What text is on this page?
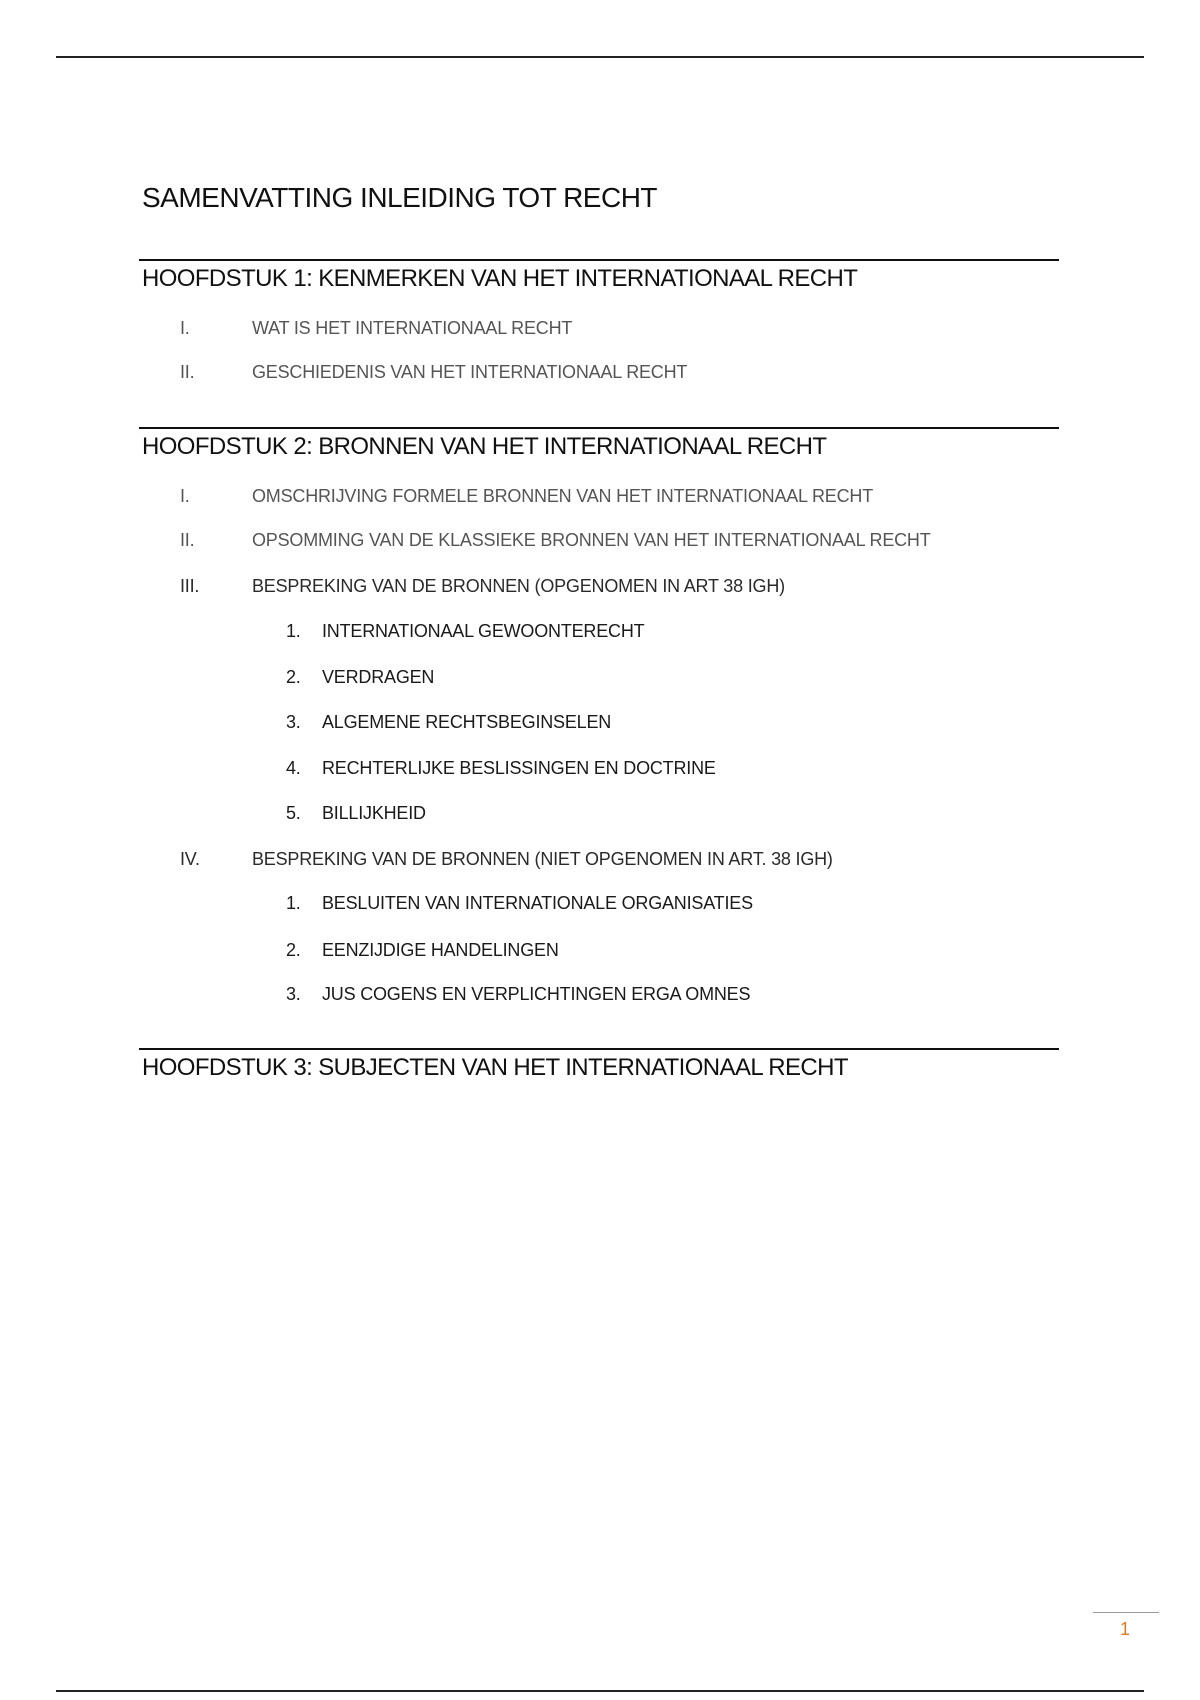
SAMENVATTING INLEIDING TOT RECHT
HOOFDSTUK 1: KENMERKEN VAN HET INTERNATIONAAL RECHT
I.	WAT IS HET INTERNATIONAAL RECHT
II.	GESCHIEDENIS VAN HET INTERNATIONAAL RECHT
HOOFDSTUK 2: BRONNEN VAN HET INTERNATIONAAL RECHT
I.	OMSCHRIJVING FORMELE BRONNEN VAN HET INTERNATIONAAL RECHT
II.	OPSOMMING VAN DE KLASSIEKE BRONNEN VAN HET INTERNATIONAAL RECHT
III.	BESPREKING VAN DE BRONNEN (OPGENOMEN IN ART 38 IGH)
1. INTERNATIONAAL GEWOONTERECHT
2. VERDRAGEN
3. ALGEMENE RECHTSBEGINSELEN
4. RECHTERLIJKE BESLISSINGEN EN DOCTRINE
5. BILLIJKHEID
IV.	BESPREKING VAN DE BRONNEN (NIET OPGENOMEN IN ART. 38 IGH)
1. BESLUITEN VAN INTERNATIONALE ORGANISATIES
2. EENZIJDIGE HANDELINGEN
3. JUS COGENS EN VERPLICHTINGEN ERGA OMNES
HOOFDSTUK 3: SUBJECTEN VAN HET INTERNATIONAAL RECHT
1
